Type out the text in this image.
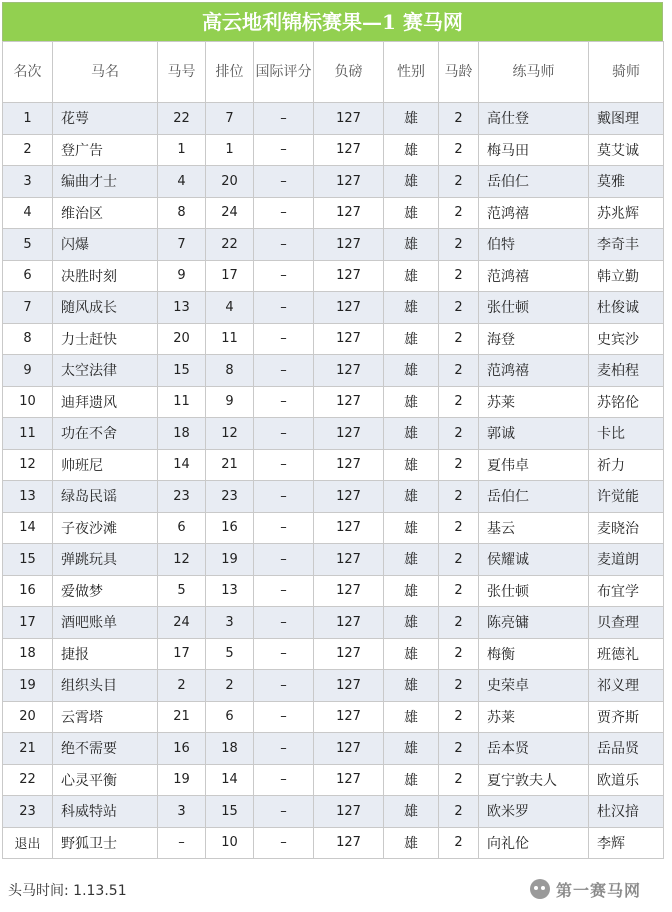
高云地利锦标赛果—1 赛马网
名次	马名	马号	排位	国际评分	负磅	性别	马龄	练马师	骑师
1	花萼	22	7	–	127	雄	2	高仕登	戴图理
2	登广告	1	1	–	127	雄	2	梅马田	莫艾诚
3	编曲才士	4	20	–	127	雄	2	岳伯仁	莫雅
4	维治区	8	24	–	127	雄	2	范鸿禧	苏兆辉
5	闪爆	7	22	–	127	雄	2	伯特	李奇丰
6	决胜时刻	9	17	–	127	雄	2	范鸿禧	韩立勤
7	随风成长	13	4	–	127	雄	2	张仕顿	杜俊诚
8	力士赶快	20	11	–	127	雄	2	海登	史宾沙
9	太空法律	15	8	–	127	雄	2	范鸿禧	麦柏程
10	迪拜遗风	11	9	–	127	雄	2	苏莱	苏铭伦
11	功在不舍	18	12	–	127	雄	2	郭诚	卡比
12	帅班尼	14	21	–	127	雄	2	夏伟卓	祈力
13	绿岛民谣	23	23	–	127	雄	2	岳伯仁	许觉能
14	子夜沙滩	6	16	–	127	雄	2	基云	麦晓治
15	弹跳玩具	12	19	–	127	雄	2	侯耀诚	麦道朗
16	爱做梦	5	13	–	127	雄	2	张仕顿	布宜学
17	酒吧账单	24	3	–	127	雄	2	陈亮镛	贝查理
18	捷报	17	5	–	127	雄	2	梅衡	班德礼
19	组织头目	2	2	–	127	雄	2	史荣卓	祁义理
20	云霄塔	21	6	–	127	雄	2	苏莱	贾齐斯
21	绝不需要	16	18	–	127	雄	2	岳本贤	岳品贤
22	心灵平衡	19	14	–	127	雄	2	夏宁敦夫人	欧道乐
23	科威特站	3	15	–	127	雄	2	欧米罗	杜汉揞
退出	野狐卫士	–	10	–	127	雄	2	向礼伦	李辉
头马时间: 1.13.51	第一赛马网
